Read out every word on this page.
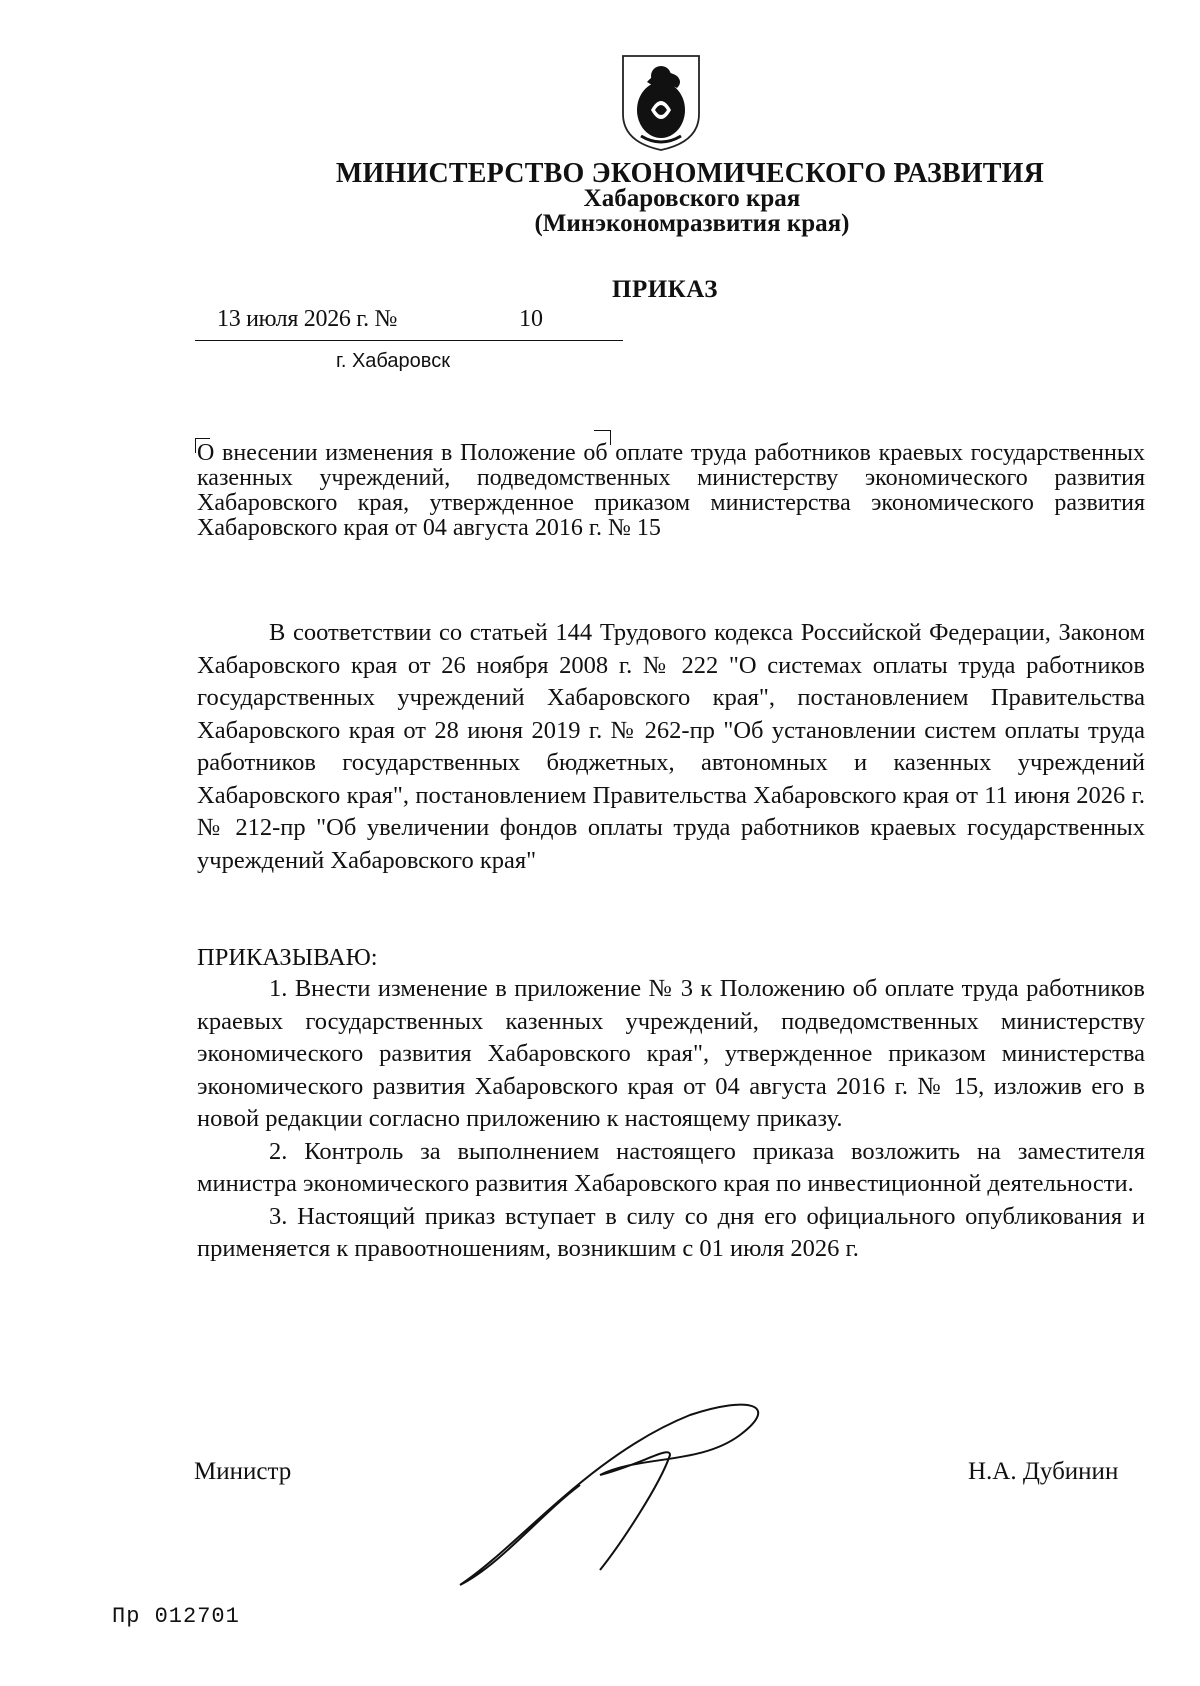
МИНИСТЕРСТВО ЭКОНОМИЧЕСКОГО РАЗВИТИЯ
Хабаровского края
(Минэкономразвития края)
ПРИКАЗ
13 июля 2026 г. №	10
г. Хабаровск
О внесении изменения в Положение об оплате труда работников краевых государственных казенных учреждений, подведомственных министерству экономического развития Хабаровского края, утвержденное приказом министерства экономического развития Хабаровского края от 04 августа 2016 г. № 15

В соответствии со статьей 144 Трудового кодекса Российской Федерации, Законом Хабаровского края от 26 ноября 2008 г. № 222 "О системах оплаты труда работников государственных учреждений Хабаровского края", постановлением Правительства Хабаровского края от 28 июня 2019 г. № 262-пр "Об установлении систем оплаты труда работников государственных бюджетных, автономных и казенных учреждений Хабаровского края", постановлением Правительства Хабаровского края от 11 июня 2026 г. № 212-пр "Об увеличении фондов оплаты труда работников краевых государственных учреждений Хабаровского края"

ПРИКАЗЫВАЮ:

1. Внести изменение в приложение № 3 к Положению об оплате труда работников краевых государственных казенных учреждений, подведомственных министерству экономического развития Хабаровского края", утвержденное приказом министерства экономического развития Хабаровского края от 04 августа 2016 г. № 15, изложив его в новой редакции согласно приложению к настоящему приказу.

2. Контроль за выполнением настоящего приказа возложить на заместителя министра экономического развития Хабаровского края по инвестиционной деятельности.

3. Настоящий приказ вступает в силу со дня его официального опубликования и применяется к правоотношениям, возникшим с 01 июля 2026 г.

Министр	Н.А. Дубинин
Пр 012701
